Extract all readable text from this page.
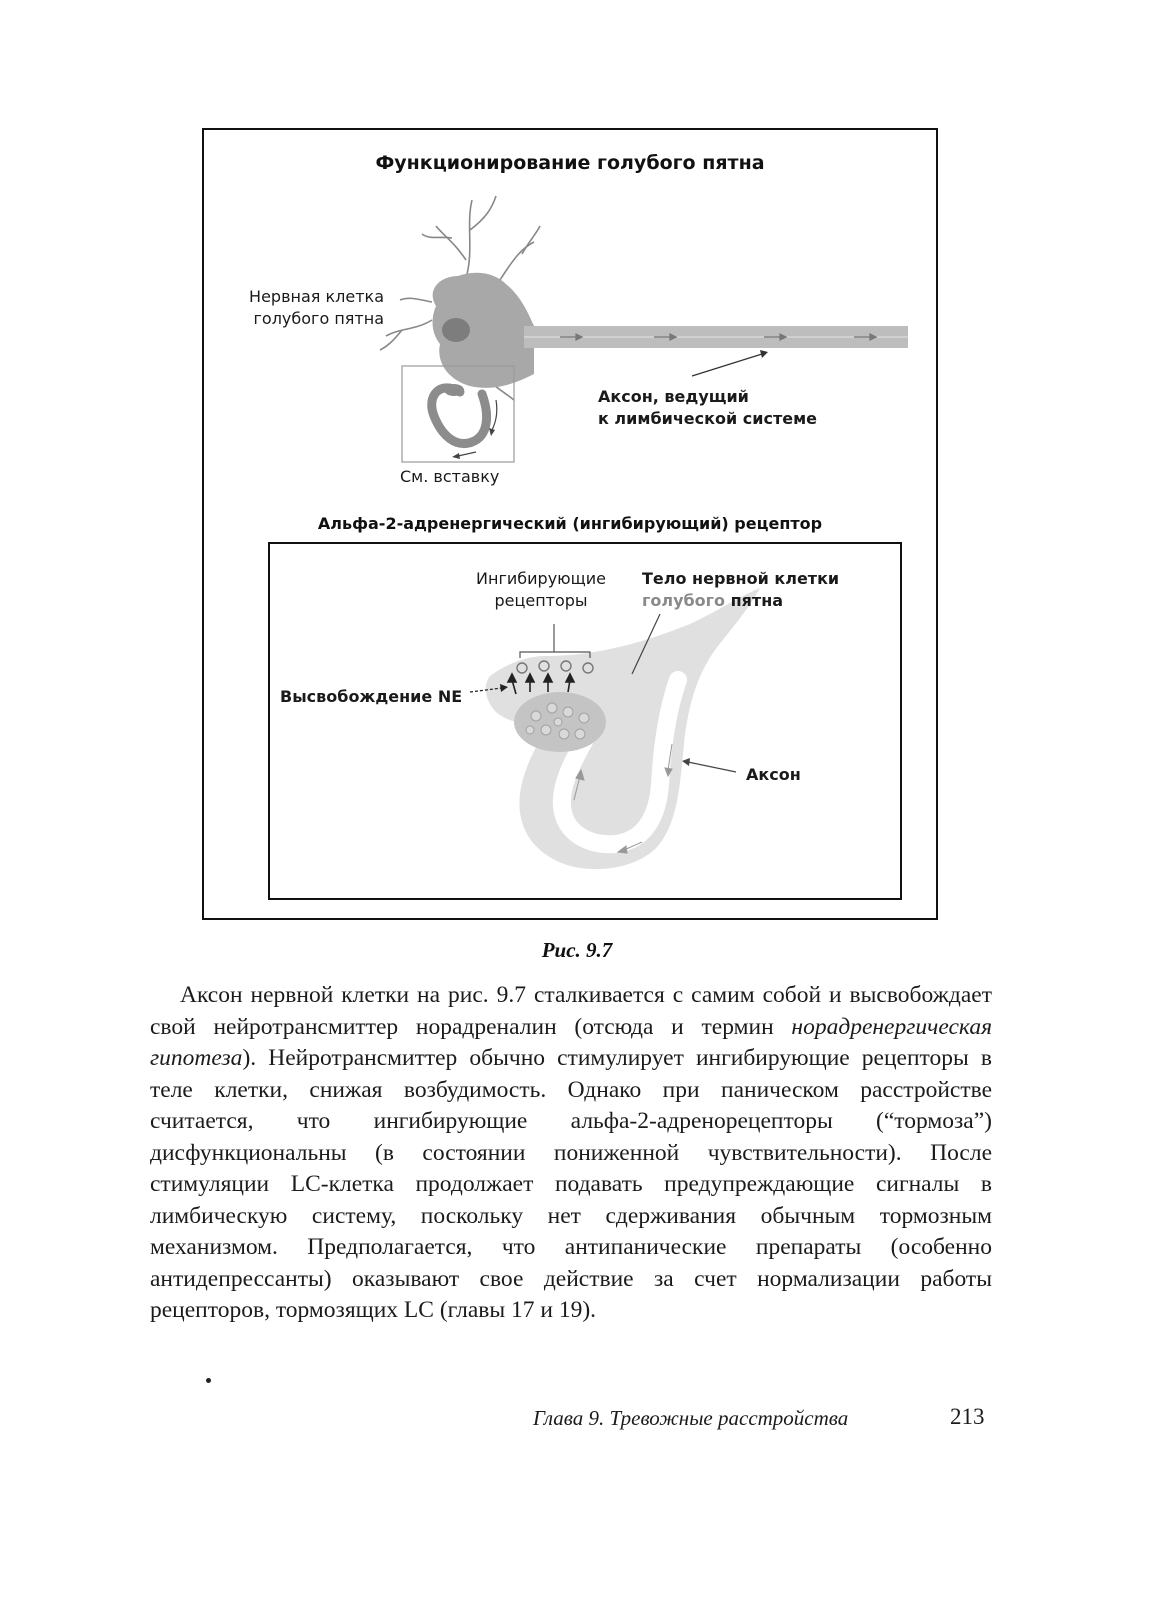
Функционирование голубого пятна
Нервная клетка
голубого пятна
Аксон, ведущий
к лимбической системе
См. вставку
Альфа-2-адренергический (ингибирующий) рецептор
Ингибирующие
рецепторы
Тело нервной клетки
голубого пятна
Высвобождение NE
Аксон
Рис. 9.7

Аксон нервной клетки на рис. 9.7 сталкивается с самим собой и высвобождает свой нейротрансмиттер норадреналин (отсюда и термин норадренергическая гипотеза). Нейротрансмиттер обычно стимулирует ингибирующие рецепторы в теле клетки, снижая возбудимость. Однако при паническом расстройстве считается, что ингибирующие альфа-2-адренорецепторы (“тормоза”) дисфункциональны (в состоянии пониженной чувствительности). После стимуляции LC-клетка продолжает подавать предупреждающие сигналы в лимбическую систему, поскольку нет сдерживания обычным тормозным механизмом. Предполагается, что антипанические препараты (особенно антидепрессанты) оказывают свое действие за счет нормализации работы рецепторов, тормозящих LC (главы 17 и 19).

Глава 9. Тревожные расстройства	213
